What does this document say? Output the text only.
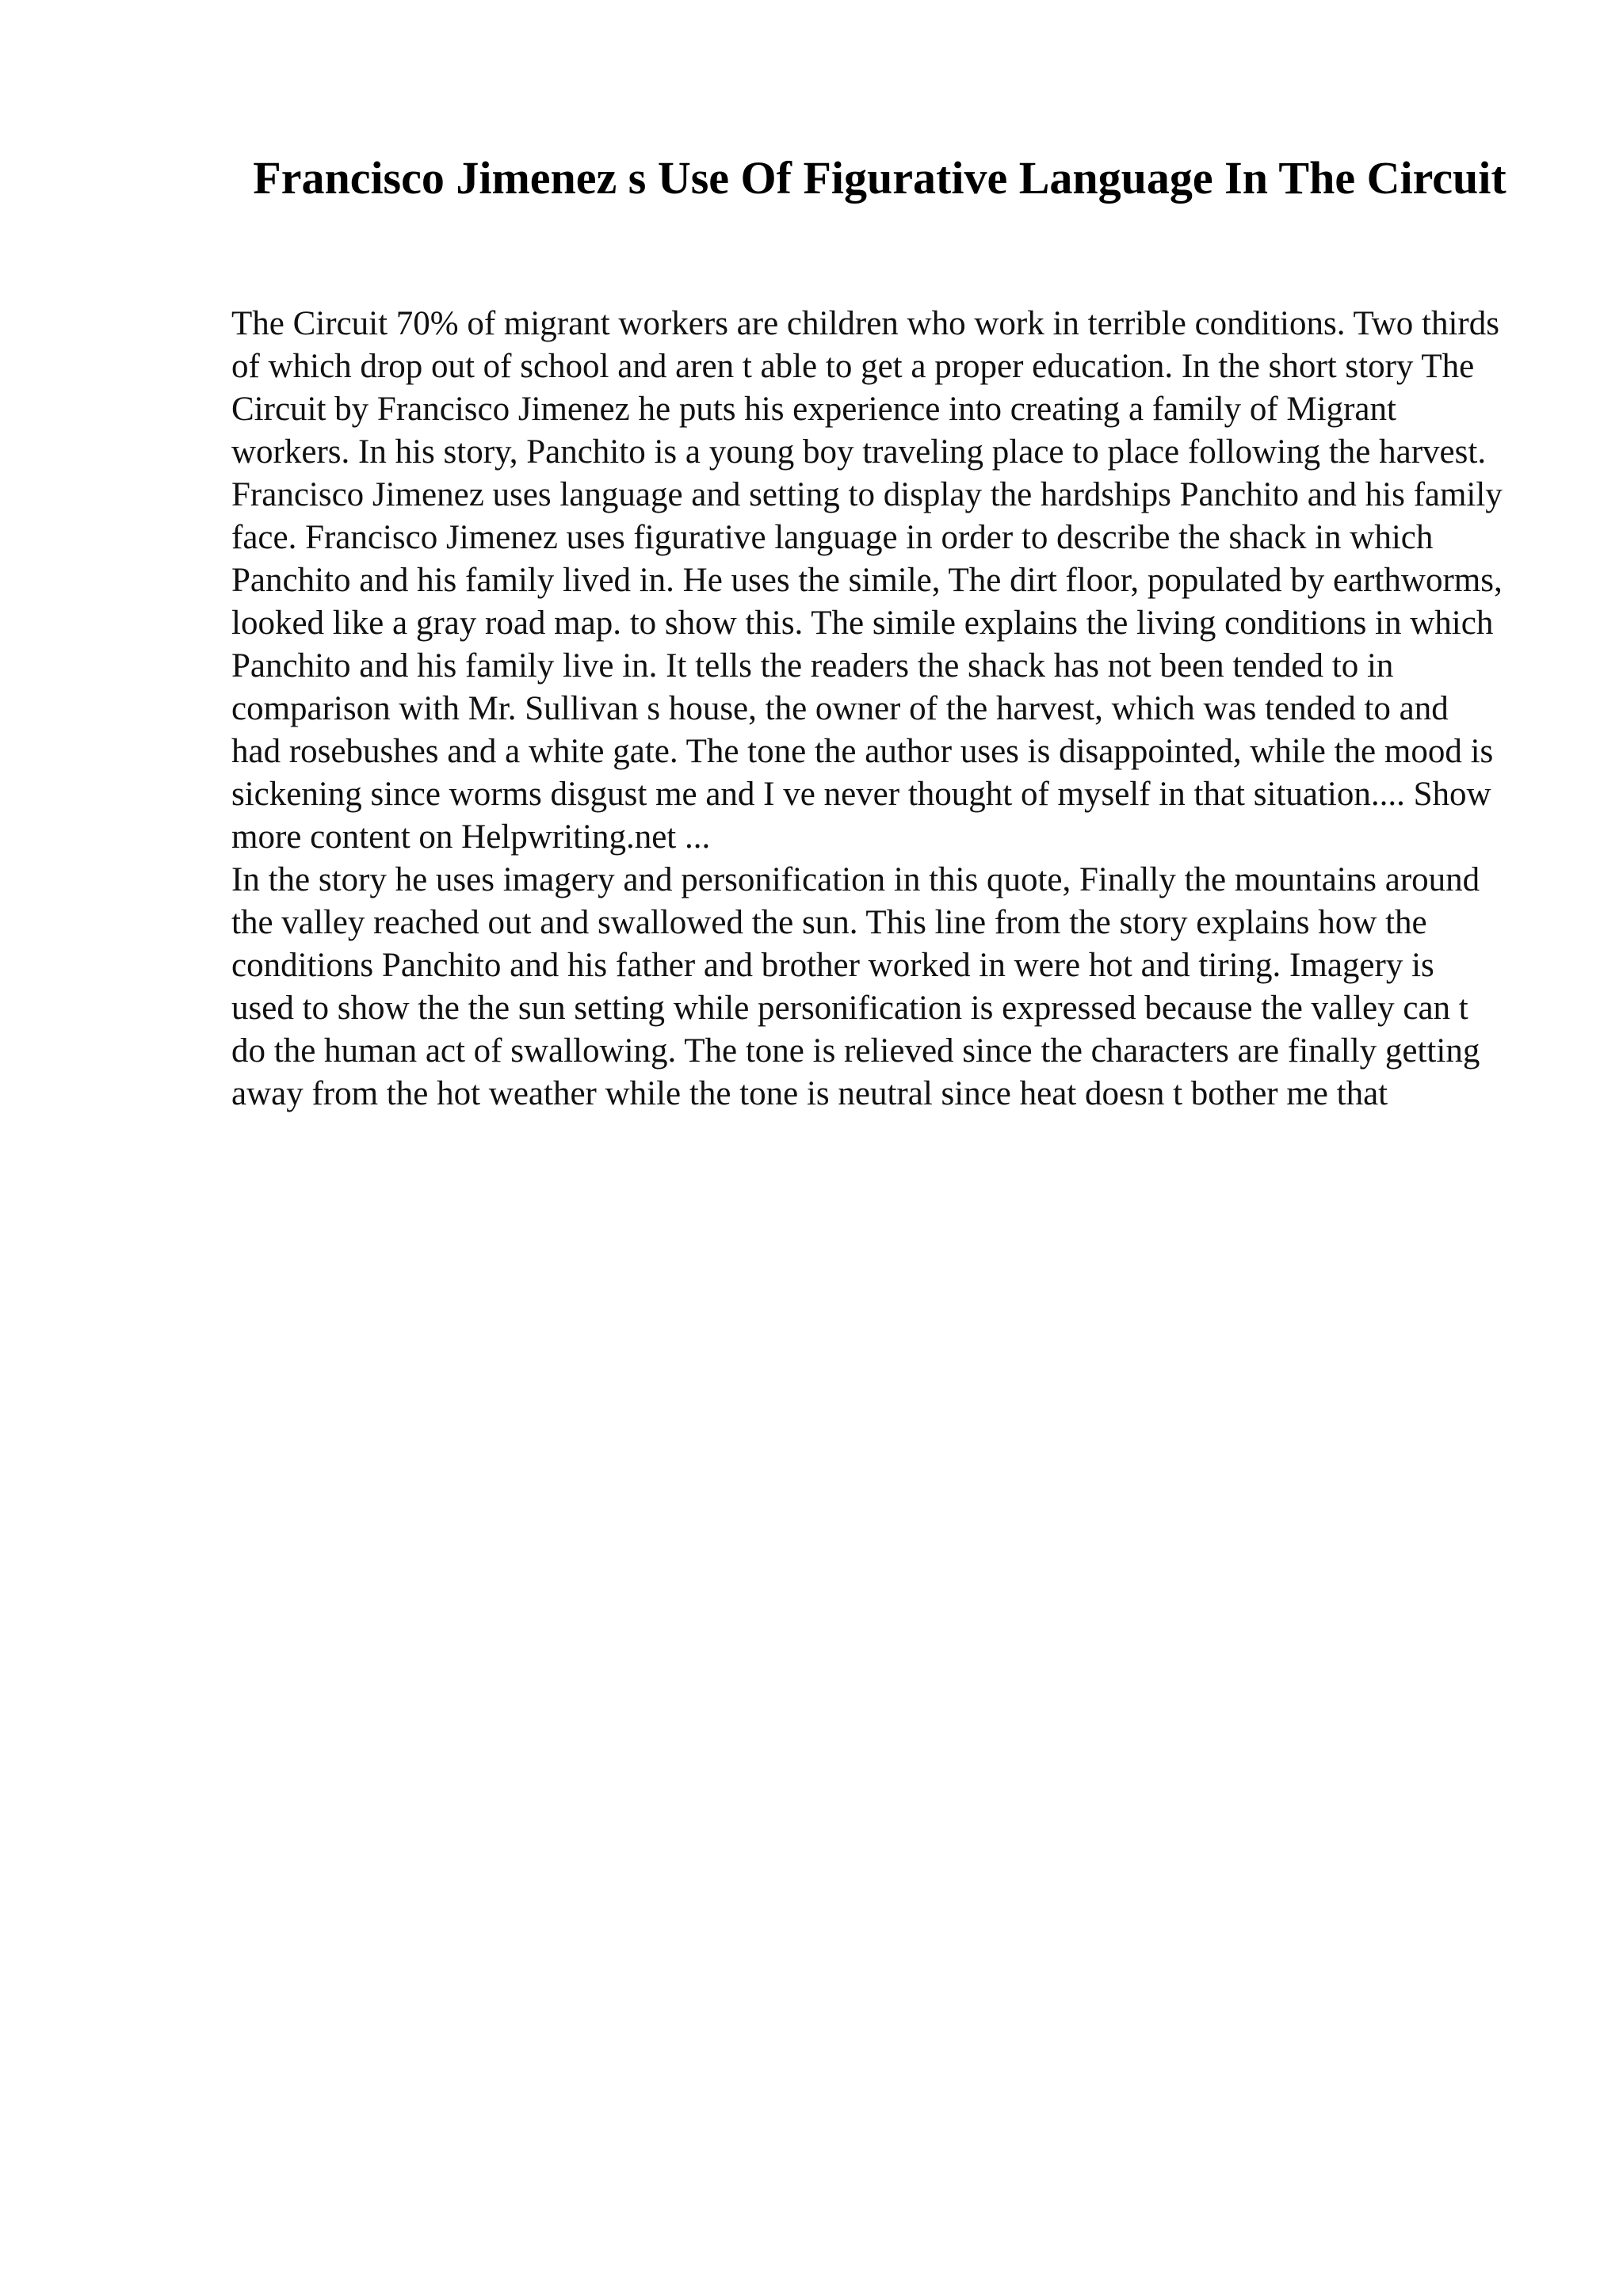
Francisco Jimenez s Use Of Figurative Language In The Circuit

The Circuit 70% of migrant workers are children who work in terrible conditions. Two thirds of which drop out of school and aren t able to get a proper education. In the short story The Circuit by Francisco Jimenez he puts his experience into creating a family of Migrant workers. In his story, Panchito is a young boy traveling place to place following the harvest. Francisco Jimenez uses language and setting to display the hardships Panchito and his family face. Francisco Jimenez uses figurative language in order to describe the shack in which Panchito and his family lived in. He uses the simile, The dirt floor, populated by earthworms, looked like a gray road map. to show this. The simile explains the living conditions in which Panchito and his family live in. It tells the readers the shack has not been tended to in comparison with Mr. Sullivan s house, the owner of the harvest, which was tended to and had rosebushes and a white gate. The tone the author uses is disappointed, while the mood is sickening since worms disgust me and I ve never thought of myself in that situation.... Show more content on Helpwriting.net ...

In the story he uses imagery and personification in this quote, Finally the mountains around the valley reached out and swallowed the sun. This line from the story explains how the conditions Panchito and his father and brother worked in were hot and tiring. Imagery is used to show the the sun setting while personification is expressed because the valley can t do the human act of swallowing. The tone is relieved since the characters are finally getting away from the hot weather while the tone is neutral since heat doesn t bother me that
